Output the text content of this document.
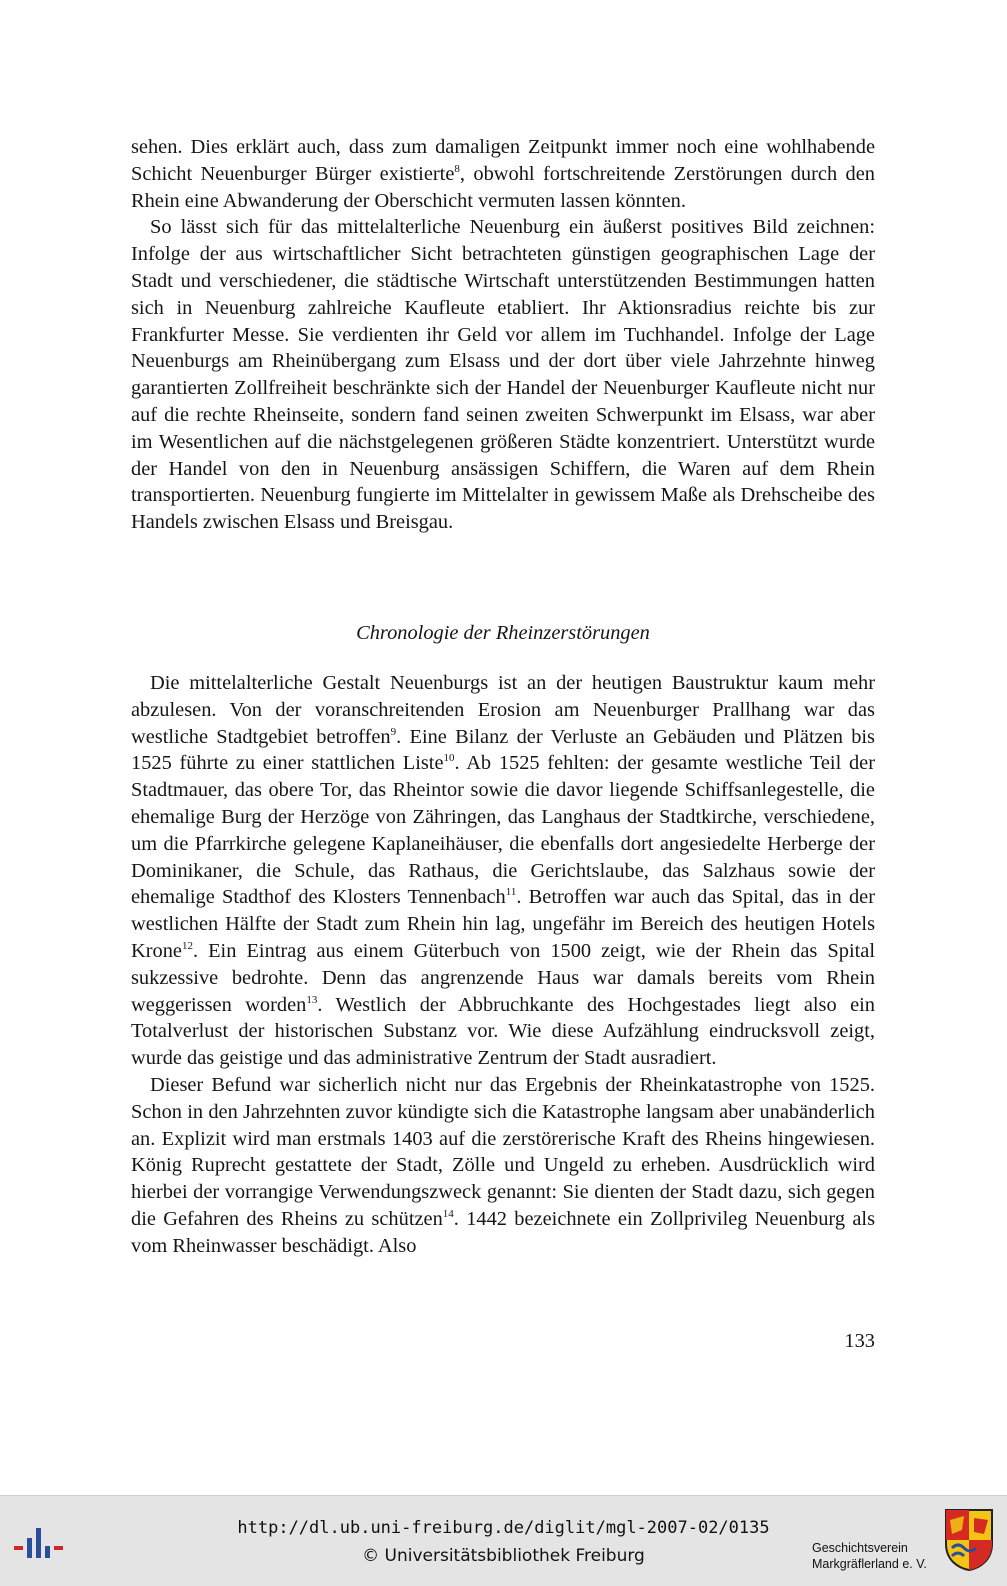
sehen. Dies erklärt auch, dass zum damaligen Zeitpunkt immer noch eine wohlhabende Schicht Neuenburger Bürger existierte$^8$, obwohl fortschreitende Zerstörungen durch den Rhein eine Abwanderung der Oberschicht vermuten lassen könnten.

So lässt sich für das mittelalterliche Neuenburg ein äußerst positives Bild zeichnen: Infolge der aus wirtschaftlicher Sicht betrachteten günstigen geographischen Lage der Stadt und verschiedener, die städtische Wirtschaft unterstützenden Bestimmungen hatten sich in Neuenburg zahlreiche Kaufleute etabliert. Ihr Aktionsradius reichte bis zur Frankfurter Messe. Sie verdienten ihr Geld vor allem im Tuchhandel. Infolge der Lage Neuenburgs am Rheinübergang zum Elsass und der dort über viele Jahrzehnte hinweg garantierten Zollfreiheit beschränkte sich der Handel der Neuenburger Kaufleute nicht nur auf die rechte Rheinseite, sondern fand seinen zweiten Schwerpunkt im Elsass, war aber im Wesentlichen auf die nächstgelegenen größeren Städte konzentriert. Unterstützt wurde der Handel von den in Neuenburg ansässigen Schiffern, die Waren auf dem Rhein transportierten. Neuenburg fungierte im Mittelalter in gewissem Maße als Drehscheibe des Handels zwischen Elsass und Breisgau.

Chronologie der Rheinzerstörungen

Die mittelalterliche Gestalt Neuenburgs ist an der heutigen Baustruktur kaum mehr abzulesen. Von der voranschreitenden Erosion am Neuenburger Prallhang war das westliche Stadtgebiet betroffen$^9$. Eine Bilanz der Verluste an Gebäuden und Plätzen bis 1525 führte zu einer stattlichen Liste$^{10}$. Ab 1525 fehlten: der gesamte westliche Teil der Stadtmauer, das obere Tor, das Rheintor sowie die davor liegende Schiffsanlegestelle, die ehemalige Burg der Herzöge von Zähringen, das Langhaus der Stadtkirche, verschiedene, um die Pfarrkirche gelegene Kaplaneihäuser, die ebenfalls dort angesiedelte Herberge der Dominikaner, die Schule, das Rathaus, die Gerichtslaube, das Salzhaus sowie der ehemalige Stadthof des Klosters Tennenbach$^{11}$. Betroffen war auch das Spital, das in der westlichen Hälfte der Stadt zum Rhein hin lag, ungefähr im Bereich des heutigen Hotels Krone$^{12}$. Ein Eintrag aus einem Güterbuch von 1500 zeigt, wie der Rhein das Spital sukzessive bedrohte. Denn das angrenzende Haus war damals bereits vom Rhein weggerissen worden$^{13}$. Westlich der Abbruchkante des Hochgestades liegt also ein Totalverlust der historischen Substanz vor. Wie diese Aufzählung eindrucksvoll zeigt, wurde das geistige und das administrative Zentrum der Stadt ausradiert.

Dieser Befund war sicherlich nicht nur das Ergebnis der Rheinkatastrophe von 1525. Schon in den Jahrzehnten zuvor kündigte sich die Katastrophe langsam aber unabänderlich an. Explizit wird man erstmals 1403 auf die zerstörerische Kraft des Rheins hingewiesen. König Ruprecht gestattete der Stadt, Zölle und Ungeld zu erheben. Ausdrücklich wird hierbei der vorrangige Verwendungszweck genannt: Sie dienten der Stadt dazu, sich gegen die Gefahren des Rheins zu schützen$^{14}$. 1442 bezeichnete ein Zollprivileg Neuenburg als vom Rheinwasser beschädigt. Also

133
http://dl.ub.uni-freiburg.de/diglit/mgl-2007-02/0135
© Universitätsbibliothek Freiburg	Geschichtsverein
Markgräflerland e. V.
